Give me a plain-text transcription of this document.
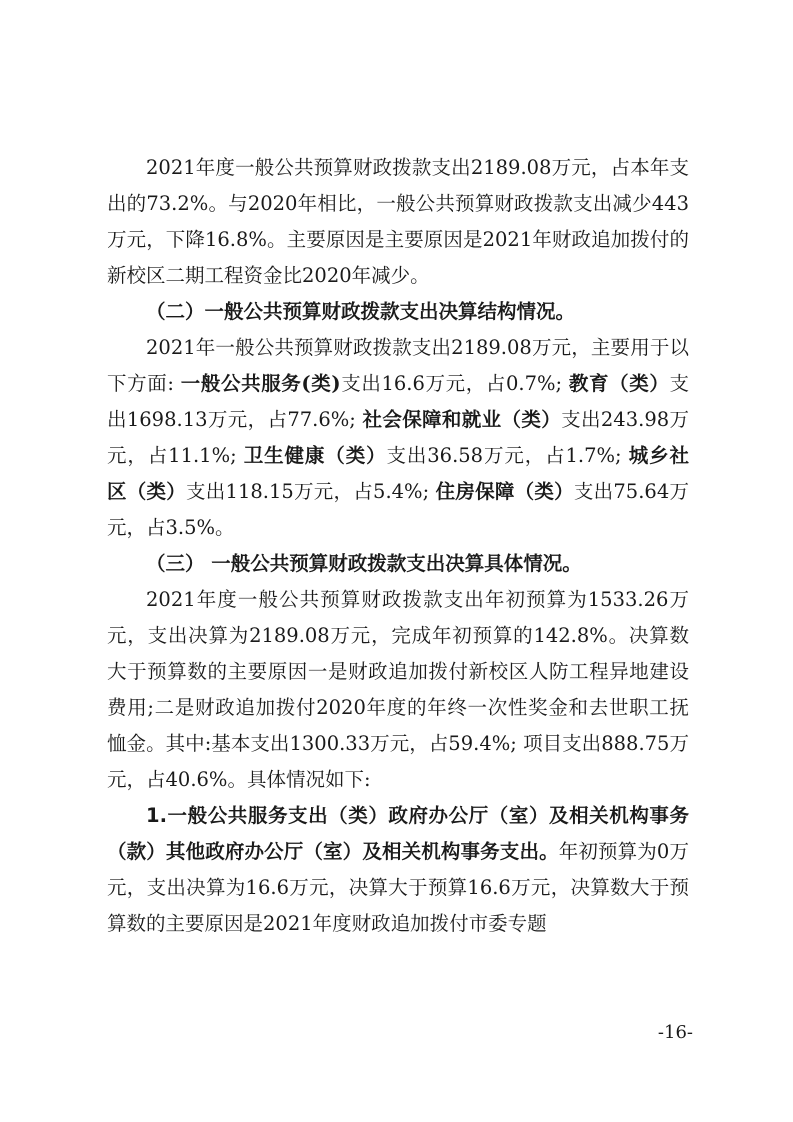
2021年度一般公共预算财政拨款支出2189.08万元，占本年支出的73.2%。与2020年相比，一般公共预算财政拨款支出减少443万元，下降16.8%。主要原因是主要原因是2021年财政追加拨付的新校区二期工程资金比2020年减少。

（二）一般公共预算财政拨款支出决算结构情况。

2021年一般公共预算财政拨款支出2189.08万元，主要用于以下方面: 一般公共服务(类)支出16.6万元，占0.7%; 教育（类）支出1698.13万元，占77.6%; 社会保障和就业（类）支出243.98万元，占11.1%; 卫生健康（类）支出36.58万元，占1.7%; 城乡社区（类）支出118.15万元，占5.4%; 住房保障（类）支出75.64万元，占3.5%。

（三） 一般公共预算财政拨款支出决算具体情况。

2021年度一般公共预算财政拨款支出年初预算为1533.26万元，支出决算为2189.08万元，完成年初预算的142.8%。决算数大于预算数的主要原因一是财政追加拨付新校区人防工程异地建设费用;二是财政追加拨付2020年度的年终一次性奖金和去世职工抚恤金。其中:基本支出1300.33万元，占59.4%; 项目支出888.75万元，占40.6%。具体情况如下:

1.一般公共服务支出（类）政府办公厅（室）及相关机构事务（款）其他政府办公厅（室）及相关机构事务支出。年初预算为0万元，支出决算为16.6万元，决算大于预算16.6万元，决算数大于预算数的主要原因是2021年度财政追加拨付市委专题

-16-
